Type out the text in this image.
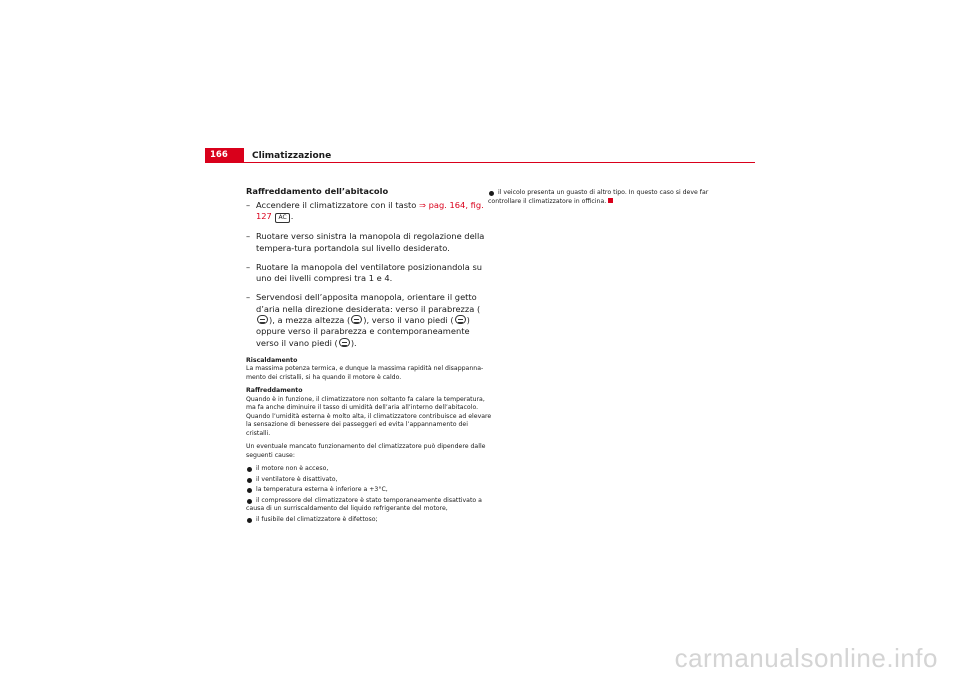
166	Climatizzazione
Raffreddamento dell’abitacolo
– Accendere il climatizzatore con il tasto ⇒ pag. 164, fig. 127 AC .
– Ruotare verso sinistra la manopola di regolazione della tempera-tura portandola sul livello desiderato.
– Ruotare la manopola del ventilatore posizionandola su uno dei livelli compresi tra 1 e 4.
– Servendosi dell’apposita manopola, orientare il getto d’aria nella direzione desiderata: verso il parabrezza (), a mezza altezza ( ), verso il vano piedi ( ) oppure verso il parabrezza e contemporaneamente verso il vano piedi ( ).
Riscaldamento

La massima potenza termica, e dunque la massima rapidità nel disappanna-mento dei cristalli, si ha quando il motore è caldo.

Raffreddamento

Quando è in funzione, il climatizzatore non soltanto fa calare la temperatura, ma fa anche diminuire il tasso di umidità dell’aria all’interno dell’abitacolo. Quando l’umidità esterna è molto alta, il climatizzatore contribuisce ad elevare la sensazione di benessere dei passeggeri ed evita l’appannamento dei cristalli.

Un eventuale mancato funzionamento del climatizzatore può dipendere dalle seguenti cause:

il motore non è acceso,
il ventilatore è disattivato,
la temperatura esterna è inferiore a +3°C,
il compressore del climatizzatore è stato temporaneamente disattivato a causa di un surriscaldamento del liquido refrigerante del motore,
il fusibile del climatizzatore è difettoso;
il veicolo presenta un guasto di altro tipo. In questo caso si deve far controllare il climatizzatore in officina.
carmanualsonline.info
